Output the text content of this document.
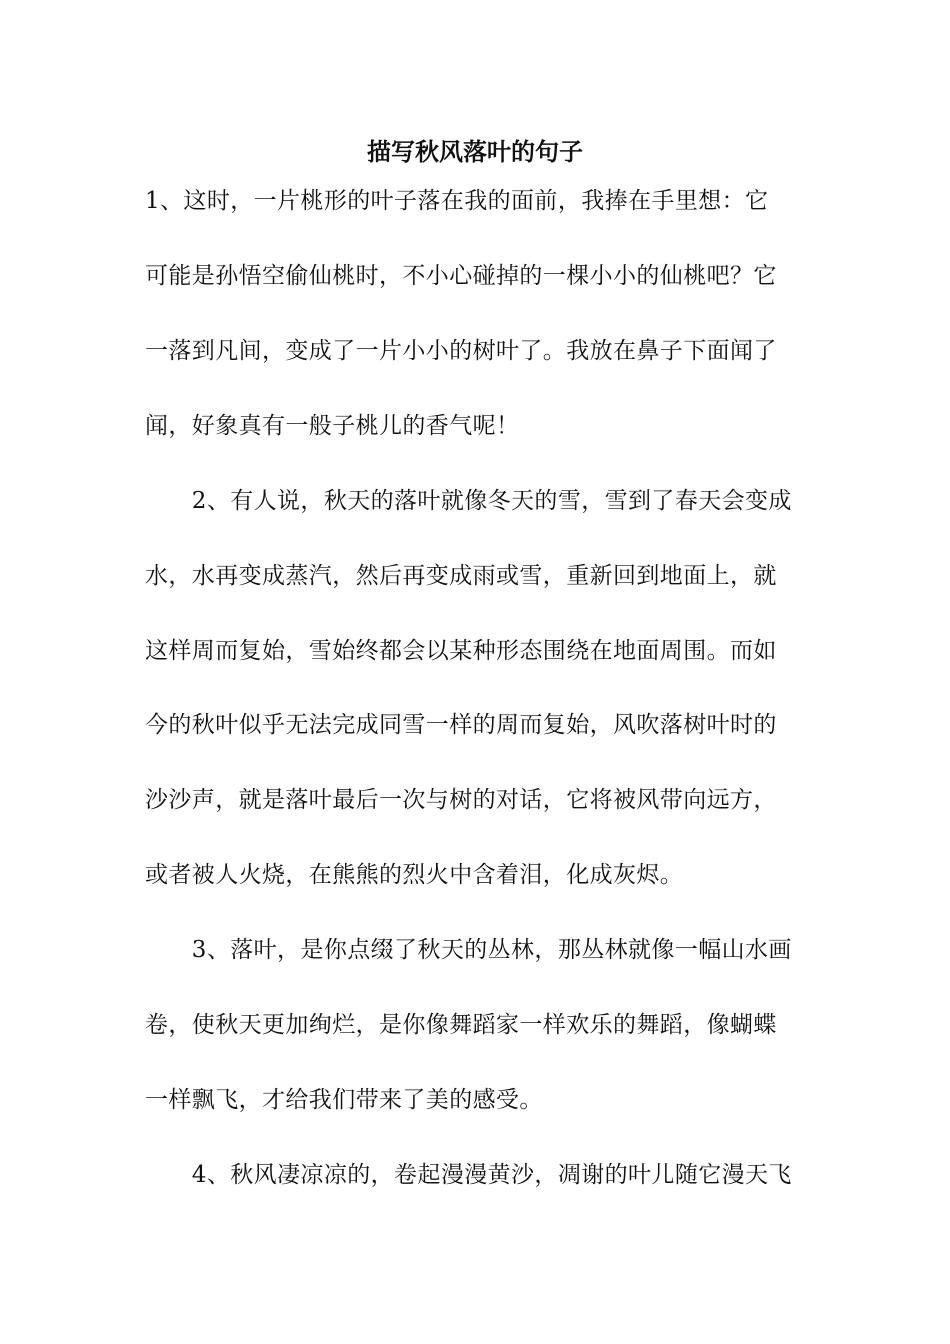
描写秋风落叶的句子
1、这时，一片桃形的叶子落在我的面前，我捧在手里想：它
可能是孙悟空偷仙桃时，不小心碰掉的一棵小小的仙桃吧？它
一落到凡间，变成了一片小小的树叶了。我放在鼻子下面闻了
闻，好象真有一般子桃儿的香气呢！
　　2、有人说，秋天的落叶就像冬天的雪，雪到了春天会变成
水，水再变成蒸汽，然后再变成雨或雪，重新回到地面上，就
这样周而复始，雪始终都会以某种形态围绕在地面周围。而如
今的秋叶似乎无法完成同雪一样的周而复始，风吹落树叶时的
沙沙声，就是落叶最后一次与树的对话，它将被风带向远方，
或者被人火烧，在熊熊的烈火中含着泪，化成灰烬。
　　3、落叶，是你点缀了秋天的丛林，那丛林就像一幅山水画
卷，使秋天更加绚烂，是你像舞蹈家一样欢乐的舞蹈，像蝴蝶
一样飘飞，才给我们带来了美的感受。
　　4、秋风凄凉凉的，卷起漫漫黄沙，凋谢的叶儿随它漫天飞
